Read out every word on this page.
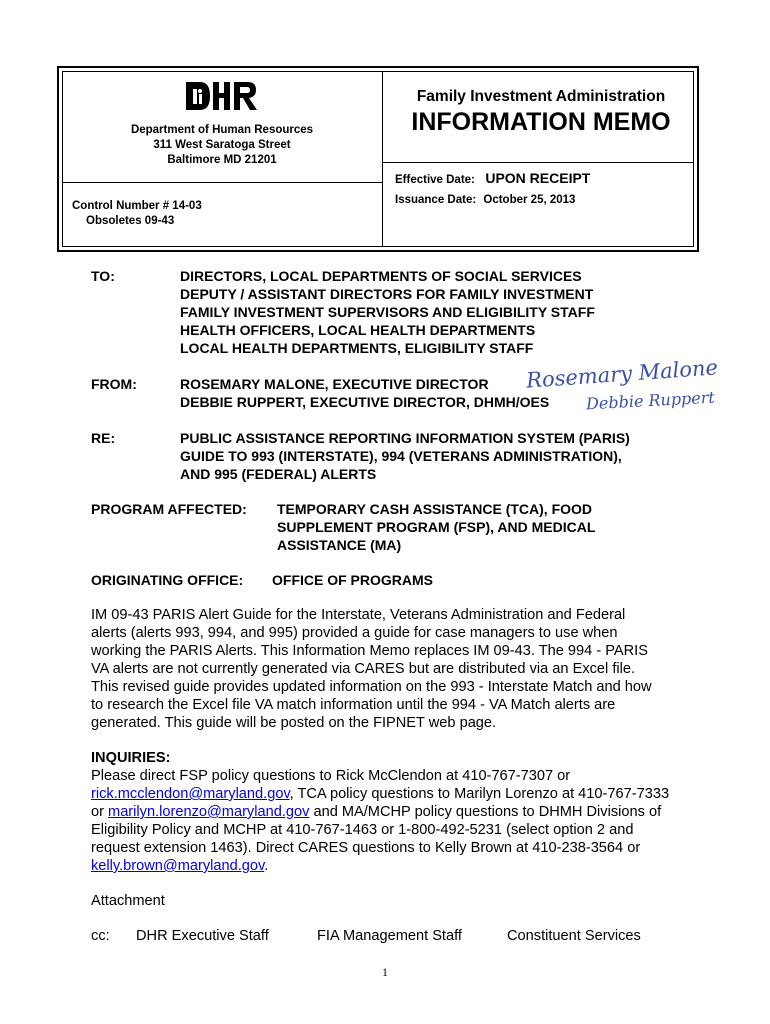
Department of Human Resources
311 West Saratoga Street
Baltimore MD 21201
Control Number # 14-03
Obsoletes 09-43
Family Investment Administration
INFORMATION MEMO
Effective Date: UPON RECEIPT
Issuance Date: October 25, 2013
TO:	DIRECTORS, LOCAL DEPARTMENTS OF SOCIAL SERVICES
DEPUTY / ASSISTANT DIRECTORS FOR FAMILY INVESTMENT
FAMILY INVESTMENT SUPERVISORS AND ELIGIBILITY STAFF
HEALTH OFFICERS, LOCAL HEALTH DEPARTMENTS
LOCAL HEALTH DEPARTMENTS, ELIGIBILITY STAFF
FROM:	ROSEMARY MALONE, EXECUTIVE DIRECTOR
DEBBIE RUPPERT, EXECUTIVE DIRECTOR, DHMH/OES
Rosemary Malone
Debbie Ruppert
RE:	PUBLIC ASSISTANCE REPORTING INFORMATION SYSTEM (PARIS)
GUIDE TO 993 (INTERSTATE), 994 (VETERANS ADMINISTRATION),
AND 995 (FEDERAL) ALERTS
PROGRAM AFFECTED: TEMPORARY CASH ASSISTANCE (TCA), FOOD
SUPPLEMENT PROGRAM (FSP), AND MEDICAL
ASSISTANCE (MA)
ORIGINATING OFFICE: OFFICE OF PROGRAMS
IM 09-43 PARIS Alert Guide for the Interstate, Veterans Administration and Federal
alerts (alerts 993, 994, and 995) provided a guide for case managers to use when
working the PARIS Alerts. This Information Memo replaces IM 09-43. The 994 - PARIS
VA alerts are not currently generated via CARES but are distributed via an Excel file.
This revised guide provides updated information on the 993 - Interstate Match and how
to research the Excel file VA match information until the 994 - VA Match alerts are
generated. This guide will be posted on the FIPNET web page.
INQUIRIES:
Please direct FSP policy questions to Rick McClendon at 410-767-7307 or
rick.mcclendon@maryland.gov, TCA policy questions to Marilyn Lorenzo at 410-767-7333
or marilyn.lorenzo@maryland.gov and MA/MCHP policy questions to DHMH Divisions of
Eligibility Policy and MCHP at 410-767-1463 or 1-800-492-5231 (select option 2 and
request extension 1463). Direct CARES questions to Kelly Brown at 410-238-3564 or
kelly.brown@maryland.gov.
Attachment
cc: DHR Executive Staff	FIA Management Staff	Constituent Services
1
